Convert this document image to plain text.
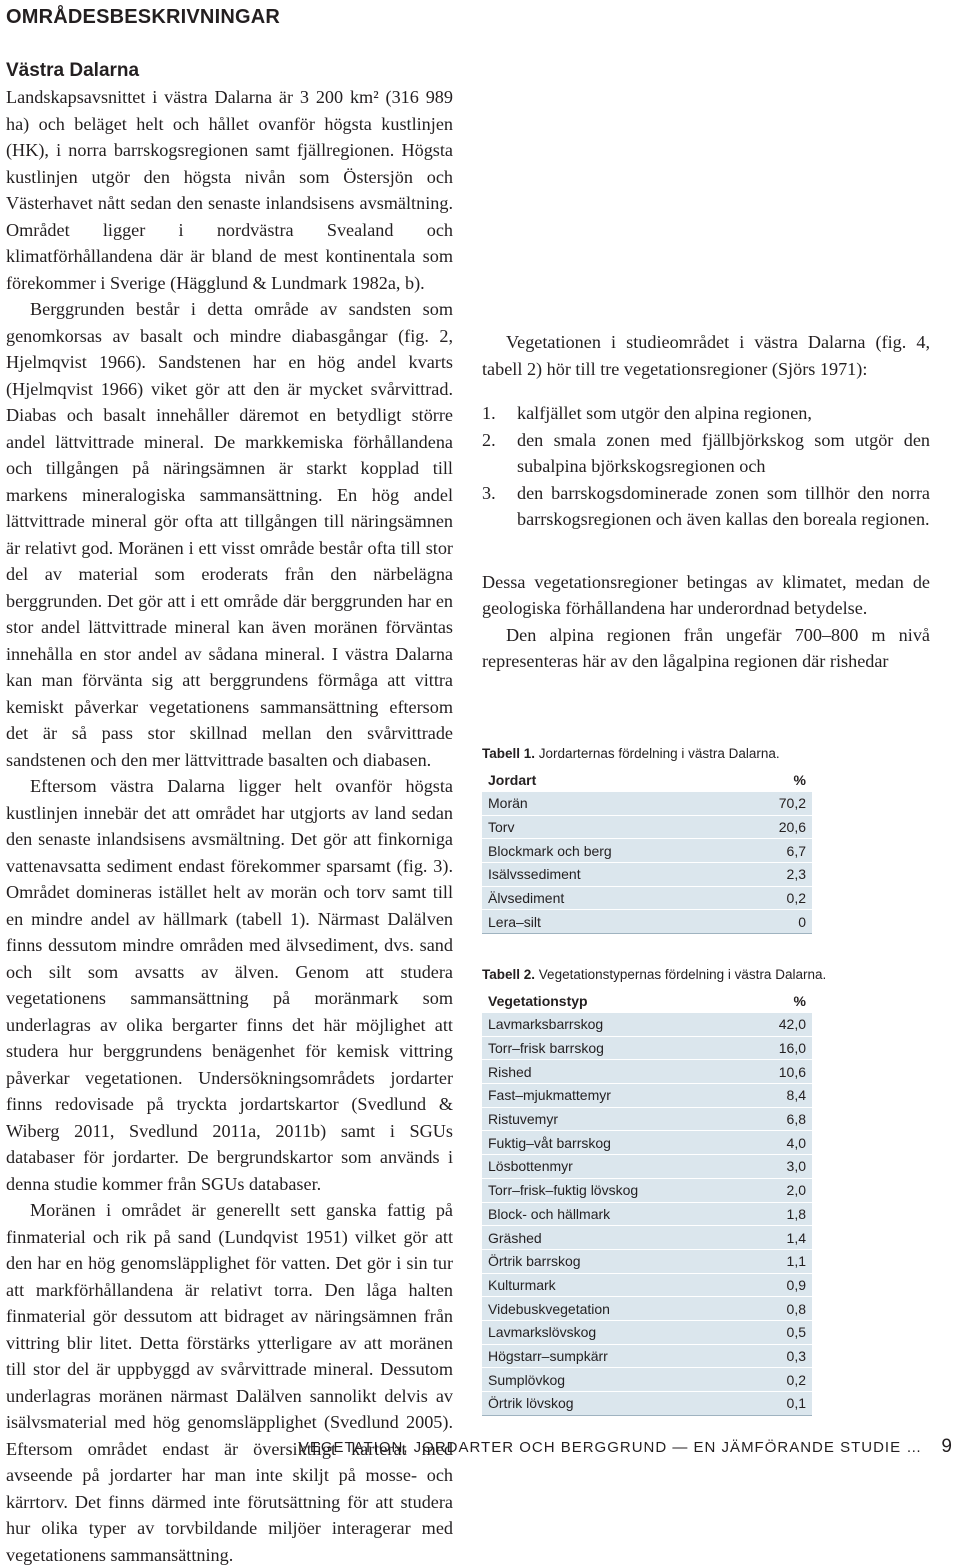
OMRÅDESBESKRIVNINGAR
Västra Dalarna

Landskapsavsnittet i västra Dalarna är 3 200 km² (316 989 ha) och beläget helt och hållet ovanför högsta kustlinjen (HK), i norra barrskogsregionen samt fjällregionen. Högsta kustlinjen utgör den högsta nivån som Östersjön och Västerhavet nått sedan den senaste inlandsisens avsmältning. Området ligger i nordvästra Svealand och klimatförhållandena där är bland de mest kontinentala som förekommer i Sverige (Hägglund & Lundmark 1982a, b).

Berggrunden består i detta område av sandsten som genomkorsas av basalt och mindre diabasgångar (fig. 2, Hjelmqvist 1966). Sandstenen har en hög andel kvarts (Hjelmqvist 1966) viket gör att den är mycket svårvittrad. Diabas och basalt innehåller däremot en betydligt större andel lättvittrade mineral. De markkemiska förhållandena och tillgången på näringsämnen är starkt kopplad till markens mineralogiska sammansättning. En hög andel lättvittrade mineral gör ofta att tillgången till näringsämnen är relativt god. Moränen i ett visst område består ofta till stor del av material som eroderats från den närbelägna berggrunden. Det gör att i ett område där berggrunden har en stor andel lättvittrade mineral kan även moränen förväntas innehålla en stor andel av sådana mineral. I västra Dalarna kan man förvänta sig att berggrundens förmåga att vittra kemiskt påverkar vegetationens sammansättning eftersom det är så pass stor skillnad mellan den svårvittrade sandstenen och den mer lättvittrade basalten och diabasen.

Eftersom västra Dalarna ligger helt ovanför högsta kustlinjen innebär det att området har utgjorts av land sedan den senaste inlandsisens avsmältning. Det gör att finkorniga vattenavsatta sediment endast förekommer sparsamt (fig. 3). Området domineras istället helt av morän och torv samt till en mindre andel av hällmark (tabell 1). Närmast Dalälven finns dessutom mindre områden med älvsediment, dvs. sand och silt som avsatts av älven. Genom att studera vegetationens sammansättning på moränmark som underlagras av olika bergarter finns det här möjlighet att studera hur berggrundens benägenhet för kemisk vittring påverkar vegetationen. Undersökningsområdets jordarter finns redovisade på tryckta jordartskartor (Svedlund & Wiberg 2011, Svedlund 2011a, 2011b) samt i SGUs databaser för jordarter. De bergrundskartor som används i denna studie kommer från SGUs databaser.

Moränen i området är generellt sett ganska fattig på finmaterial och rik på sand (Lundqvist 1951) vilket gör att den har en hög genomsläpplighet för vatten. Det gör i sin tur att markförhållandena är relativt torra. Den låga halten finmaterial gör dessutom att bidraget av näringsämnen från vittring blir litet. Detta förstärks ytterligare av att moränen till stor del är uppbyggd av svårvittrade mineral. Dessutom underlagras moränen närmast Dalälven sannolikt delvis av isälvsmaterial med hög genomsläpplighet (Svedlund 2005). Eftersom området endast är översiktligt karterat med avseende på jordarter har man inte skiljt på mosse- och kärrtorv. Det finns därmed inte förutsättning för att studera hur olika typer av torvbildande miljöer interagerar med vegetationens sammansättning.

Vegetationen i studieområdet i västra Dalarna (fig. 4, tabell 2) hör till tre vegetationsregioner (Sjörs 1971):

1. kalfjället som utgör den alpina regionen,
2. den smala zonen med fjällbjörkskog som utgör den subalpina björkskogsregionen och
3. den barrskogsdominerade zonen som tillhör den norra barrskogsregionen och även kallas den boreala regionen.

Dessa vegetationsregioner betingas av klimatet, medan de geologiska förhållandena har underordnad betydelse.

Den alpina regionen från ungefär 700–800 m nivå representeras här av den lågalpina regionen där rishedar

Tabell 1. Jordarternas fördelning i västra Dalarna.

Jordart	%
Morän	70,2
Torv	20,6
Blockmark och berg	6,7
Isälvssediment	2,3
Älvsediment	0,2
Lera–silt	0

Tabell 2. Vegetationstypernas fördelning i västra Dalarna.

Vegetationstyp	%
Lavmarksbarrskog	42,0
Torr–frisk barrskog	16,0
Rished	10,6
Fast–mjukmattemyr	8,4
Ristuvemyr	6,8
Fuktig–våt barrskog	4,0
Lösbottenmyr	3,0
Torr–frisk–fuktig lövskog	2,0
Block- och hällmark	1,8
Gräshed	1,4
Örtrik barrskog	1,1
Kulturmark	0,9
Videbuskvegetation	0,8
Lavmarkslövskog	0,5
Högstarr–sumpkärr	0,3
Sumplövkog	0,2
Örtrik lövskog	0,1
VEGETATION, JORDARTER OCH BERGGRUND — EN JÄMFÖRANDE STUDIE … 9
